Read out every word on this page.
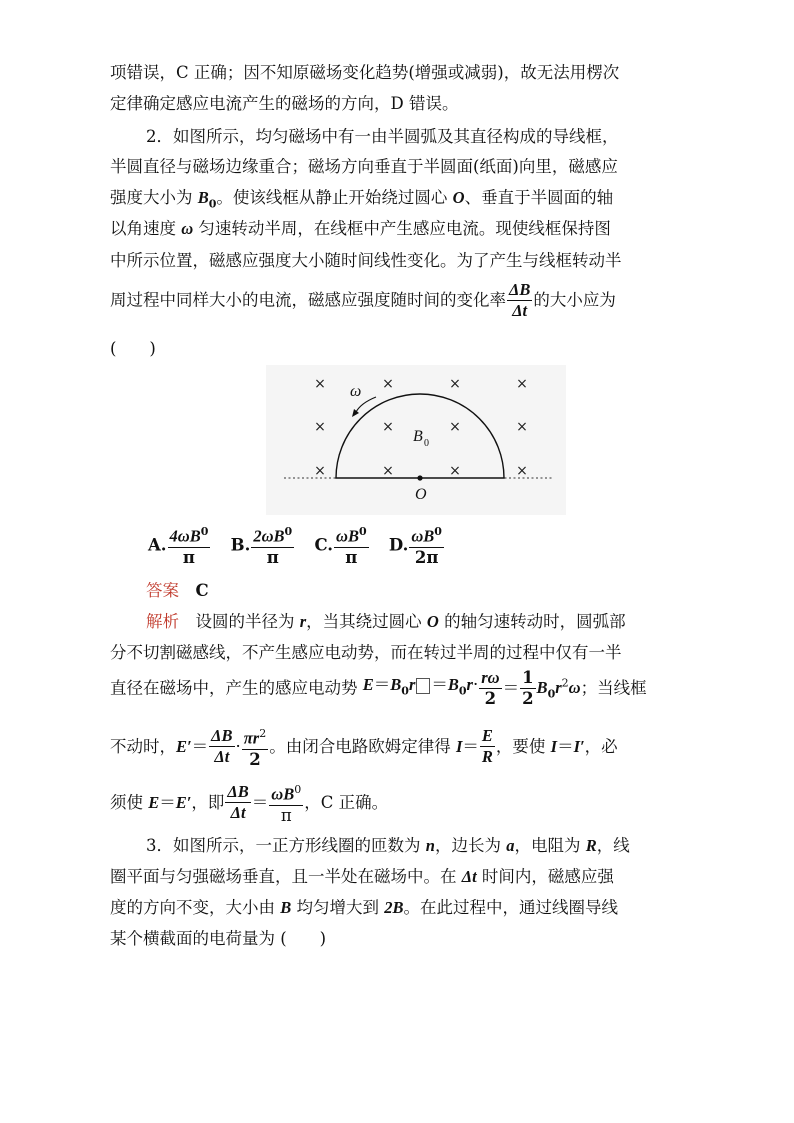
项错误，C 正确；因不知原磁场变化趋势(增强或减弱)，故无法用楞次
定律确定感应电流产生的磁场的方向，D 错误。
2．如图所示，均匀磁场中有一由半圆弧及其直径构成的导线框，
半圆直径与磁场边缘重合；磁场方向垂直于半圆面(纸面)向里，磁感应
强度大小为 $B_0$。使该线框从静止开始绕过圆心 O、垂直于半圆面的轴
以角速度 ω 匀速转动半周，在线框中产生感应电流。现使线框保持图
中所示位置，磁感应强度大小随时间线性变化。为了产生与线框转动半
周过程中同样大小的电流，磁感应强度随时间的变化率 $\frac{\Delta B}{\Delta t}$ 的大小应为
(　　)
×	×	×	×
×	×	×	×
×	×	×	×
ω
B 0
O
A. $\frac{4\omega B^0}{\pi} B$. $\frac{2\omega B^0}{\pi} C$. $\frac{\omega B^0}{\pi} D$. $\frac{\omega B^0}{2\pi}$
答案　 C
解析　 设圆的半径为 r，当其绕过圆心 O 的轴匀速转动时，圆弧部
分不切割磁感线，不产生感应电动势，而在转过半周的过程中仅有一半
直径在磁场中，产生的感应电动势 $E=B_0r =B_0r\cdot \frac{r\omega}{2} = \frac{1}{2} B_0r^2\omega$；当线框
不动时，$E'= \frac{\Delta B}{\Delta t} \cdot \frac{\pi r^2}{2}$ 。由闭合电路欧姆定律得 $I= \frac{E}{R}$ ，要使 I＝I′，必
须使 E＝E′，即 $\frac{\Delta B}{\Delta t} = \frac{\omega B^0}{\pi}$ ，C 正确。
3．如图所示，一正方形线圈的匝数为 n，边长为 a，电阻为 R，线
圈平面与匀强磁场垂直，且一半处在磁场中。在 Δt 时间内，磁感应强
度的方向不变，大小由 B 均匀增大到 2B。在此过程中，通过线圈导线
某个横截面的电荷量为 (　　)
